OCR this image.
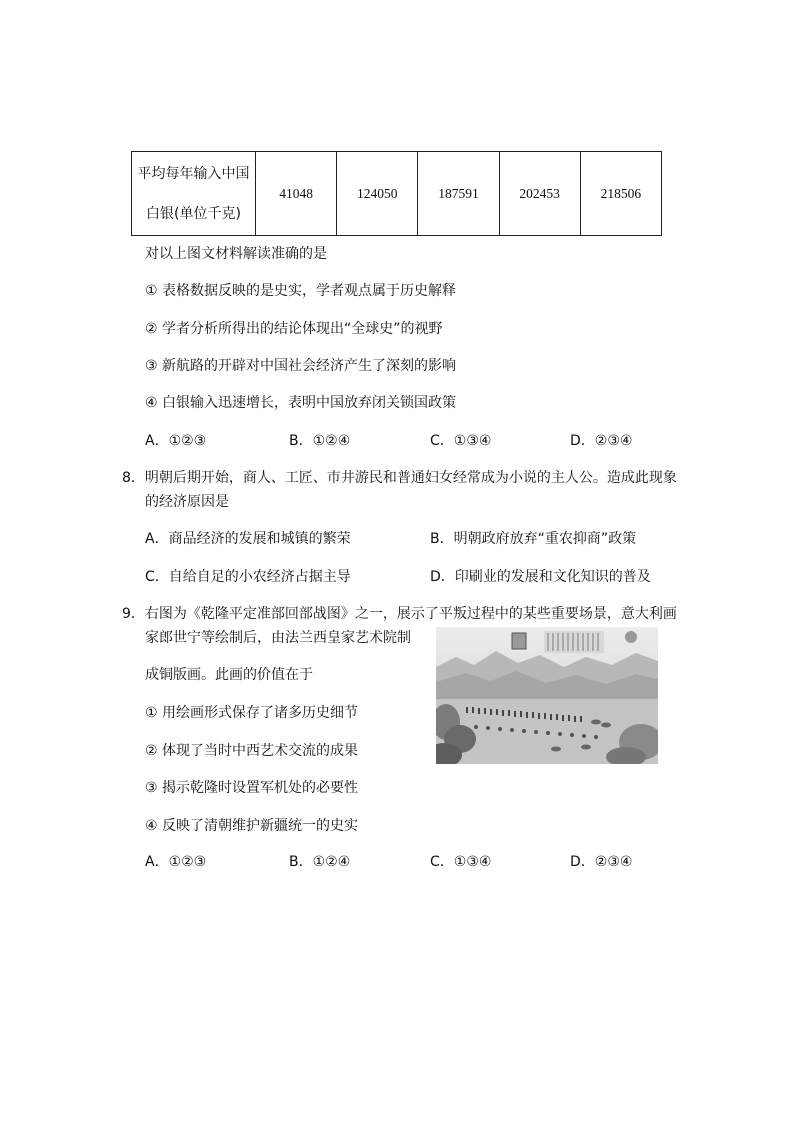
平均每年输入中国
白银(单位千克)
	41048	124050	187591	202453	218506
对以上图文材料解读准确的是
① 表格数据反映的是史实，学者观点属于历史解释
② 学者分析所得出的结论体现出“全球史”的视野
③ 新航路的开辟对中国社会经济产生了深刻的影响
④ 白银输入迅速增长，表明中国放弃闭关锁国政策
A．①②③	B．①②④	C．①③④	D．②③④
8．明朝后期开始，商人、工匠、市井游民和普通妇女经常成为小说的主人公。造成此现象
的经济原因是
A．商品经济的发展和城镇的繁荣	B．明朝政府放弃“重农抑商”政策
C．自给自足的小农经济占据主导	D．印刷业的发展和文化知识的普及
9．右图为《乾隆平定准部回部战图》之一，展示了平叛过程中的某些重要场景，意大利画
家郎世宁等绘制后，由法兰西皇家艺术院制
成铜版画。此画的价值在于
① 用绘画形式保存了诸多历史细节
② 体现了当时中西艺术交流的成果
③ 揭示乾隆时设置军机处的必要性
④ 反映了清朝维护新疆统一的史实
A．①②③	B．①②④	C．①③④	D．②③④
